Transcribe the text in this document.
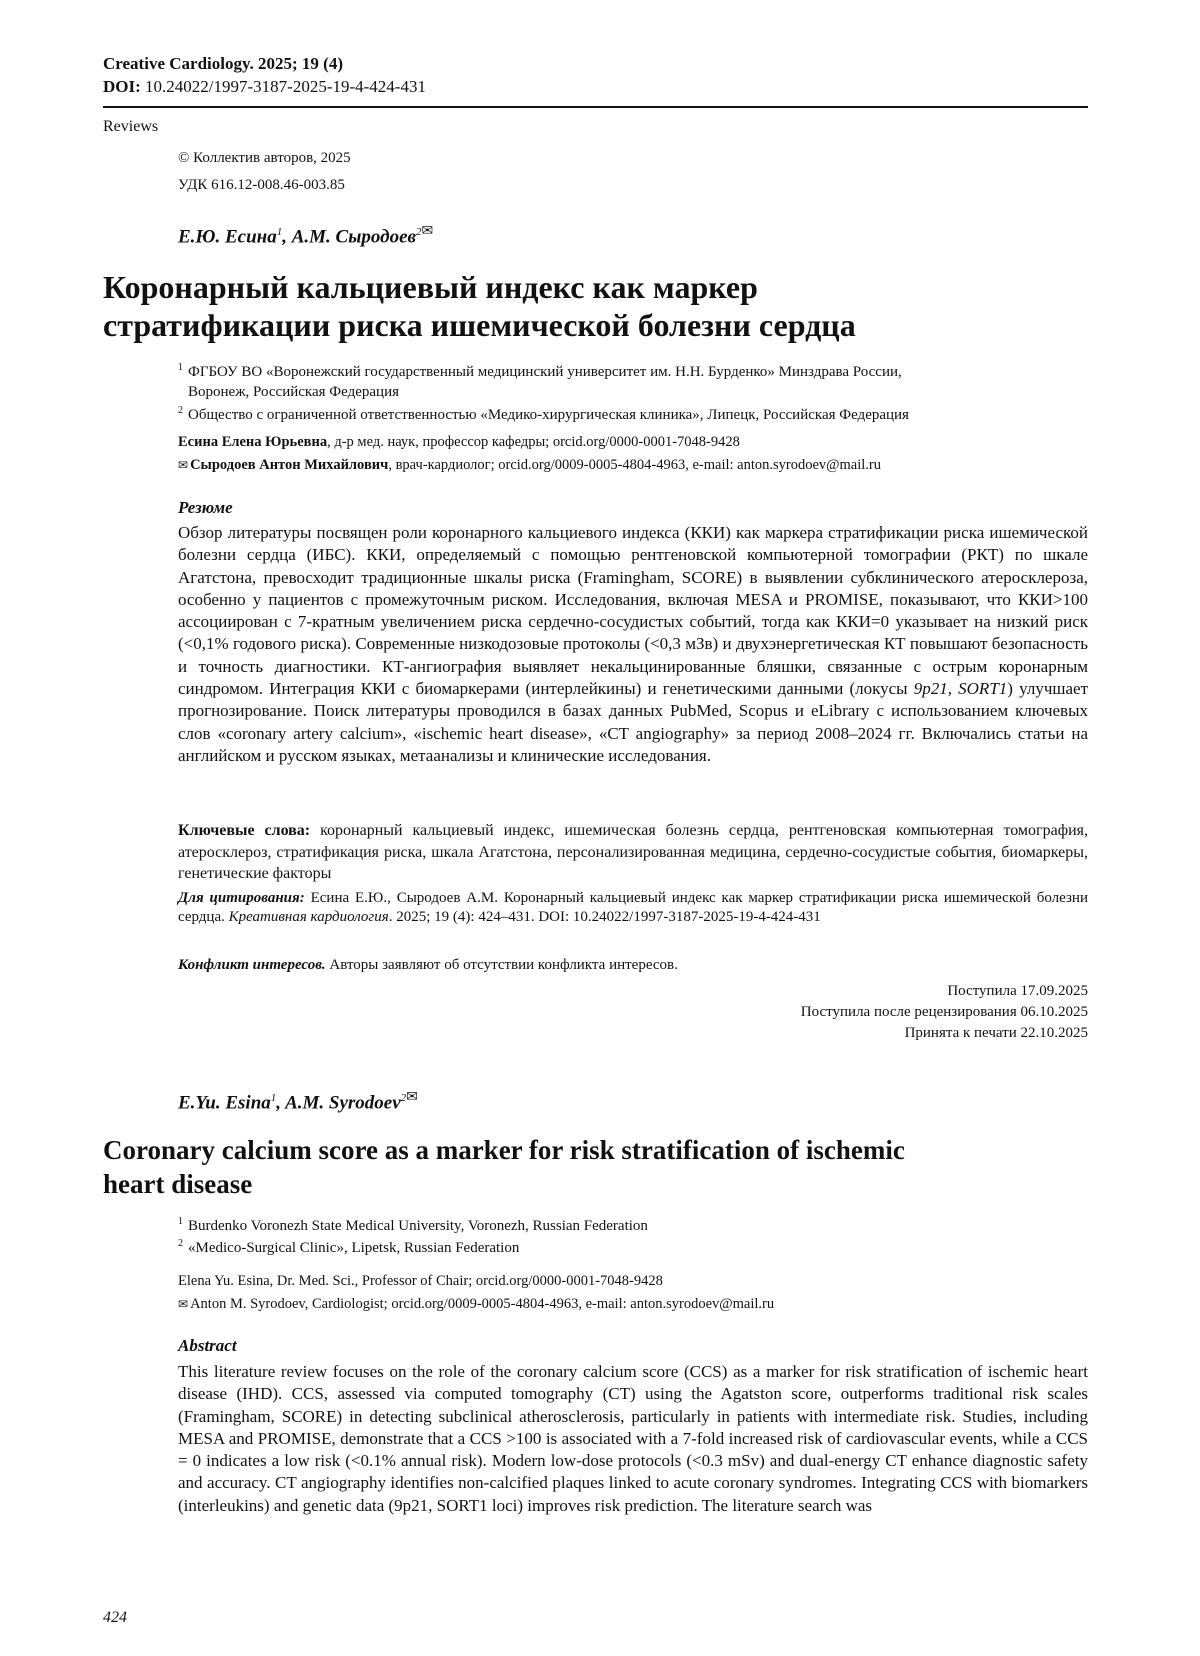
Creative Cardiology. 2025; 19 (4)
DOI: 10.24022/1997-3187-2025-19-4-424-431
Reviews
© Коллектив авторов, 2025
УДК 616.12-008.46-003.85
Е.Ю. Есина$^1$, А.М. Сыродоев$^{2✉}$
Коронарный кальциевый индекс как маркер
стратификации риска ишемической болезни сердца
1 ФГБОУ ВО «Воронежский государственный медицинский университет им. Н.Н. Бурденко» Минздрава России,
Воронеж, Российская Федерация
2 Общество с ограниченной ответственностью «Медико-хирургическая клиника», Липецк, Российская Федерация
Есина Елена Юрьевна, д-р мед. наук, профессор кафедры; orcid.org/0000-0001-7048-9428
✉ Сыродоев Антон Михайлович, врач-кардиолог; orcid.org/0009-0005-4804-4963, e-mail: anton.syrodoev@mail.ru
Резюме
Обзор литературы посвящен роли коронарного кальциевого индекса (ККИ) как маркера стратификации риска ишемической болезни сердца (ИБС). ККИ, определяемый с помощью рентгеновской компьютерной томографии (РКТ) по шкале Агатстона, превосходит традиционные шкалы риска (Framingham, SCORE) в выявлении субклинического атеросклероза, особенно у пациентов с промежуточным риском. Исследования, включая MESA и PROMISE, показывают, что ККИ>100 ассоциирован с 7-кратным увеличением риска сердечно-сосудистых событий, тогда как ККИ=0 указывает на низкий риск (<0,1% годового риска). Современные низкодозовые протоколы (<0,3 мЗв) и двухэнергетическая КТ повышают безопасность и точность диагностики. КТ-ангиография выявляет некальцинированные бляшки, связанные с острым коронарным синдромом. Интеграция ККИ с биомаркерами (интерлейкины) и генетическими данными (локусы 9p21, SORT1) улучшает прогнозирование. Поиск литературы проводился в базах данных PubMed, Scopus и eLibrary с использованием ключевых слов «coronary artery calcium», «ischemic heart disease», «CT angiography» за период 2008–2024 гг. Включались статьи на английском и русском языках, метаанализы и клинические исследования.
Ключевые слова: коронарный кальциевый индекс, ишемическая болезнь сердца, рентгеновская компьютерная томография, атеросклероз, стратификация риска, шкала Агатстона, персонализированная медицина, сердечно-сосудистые события, биомаркеры, генетические факторы
Для цитирования: Есина Е.Ю., Сыродоев А.М. Коронарный кальциевый индекс как маркер стратификации риска ишемической болезни сердца. Креативная кардиология. 2025; 19 (4): 424–431. DOI: 10.24022/1997-3187-2025-19-4-424-431
Конфликт интересов. Авторы заявляют об отсутствии конфликта интересов.
Поступила 17.09.2025
Поступила после рецензирования 06.10.2025
Принята к печати 22.10.2025
E.Yu. Esina$^1$, A.M. Syrodoev$^{2✉}$
Coronary calcium score as a marker for risk stratification of ischemic
heart disease
1 Burdenko Voronezh State Medical University, Voronezh, Russian Federation
2 «Medico-Surgical Clinic», Lipetsk, Russian Federation
Elena Yu. Esina, Dr. Med. Sci., Professor of Chair; orcid.org/0000-0001-7048-9428
✉ Anton M. Syrodoev, Cardiologist; orcid.org/0009-0005-4804-4963, e-mail: anton.syrodoev@mail.ru
Abstract
This literature review focuses on the role of the coronary calcium score (CCS) as a marker for risk stratification of ischemic heart disease (IHD). CCS, assessed via computed tomography (CT) using the Agatston score, outperforms traditional risk scales (Framingham, SCORE) in detecting subclinical atherosclerosis, particularly in patients with intermediate risk. Studies, including MESA and PROMISE, demonstrate that a CCS >100 is associated with a 7-fold increased risk of cardiovascular events, while a CCS = 0 indicates a low risk (<0.1% annual risk). Modern low-dose protocols (<0.3 mSv) and dual-energy CT enhance diagnostic safety and accuracy. CT angiography identifies non-calcified plaques linked to acute coronary syndromes. Integrating CCS with biomarkers (interleukins) and genetic data (9p21, SORT1 loci) improves risk prediction. The literature search was
424
